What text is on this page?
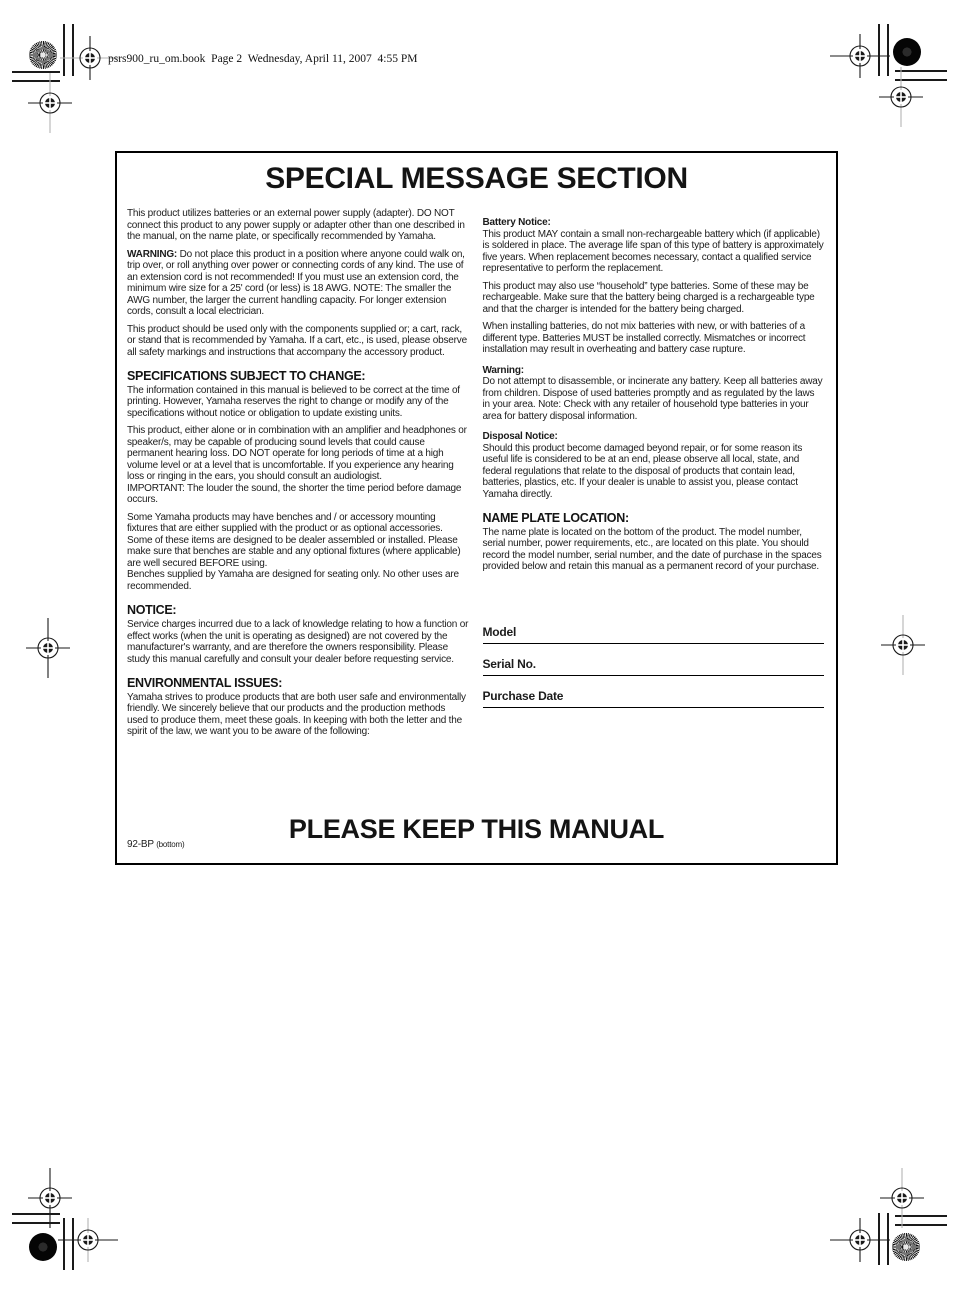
psrs900_ru_om.book  Page 2  Wednesday, April 11, 2007  4:55 PM
SPECIAL MESSAGE SECTION

This product utilizes batteries or an external power supply (adapter). DO NOT connect this product to any power supply or adapter other than one described in the manual, on the name plate, or specifically recommended by Yamaha.

WARNING: Do not place this product in a position where anyone could walk on, trip over, or roll anything over power or connecting cords of any kind. The use of an extension cord is not recommended! If you must use an extension cord, the minimum wire size for a 25' cord (or less) is 18 AWG. NOTE: The smaller the AWG number, the larger the current handling capacity. For longer extension cords, consult a local electrician.

This product should be used only with the components supplied or; a cart, rack, or stand that is recommended by Yamaha. If a cart, etc., is used, please observe all safety markings and instructions that accompany the accessory product.

SPECIFICATIONS SUBJECT TO CHANGE:

The information contained in this manual is believed to be correct at the time of printing. However, Yamaha reserves the right to change or modify any of the specifications without notice or obligation to update existing units.

This product, either alone or in combination with an amplifier and headphones or speaker/s, may be capable of producing sound levels that could cause permanent hearing loss. DO NOT operate for long periods of time at a high volume level or at a level that is uncomfortable. If you experience any hearing loss or ringing in the ears, you should consult an audiologist.

IMPORTANT: The louder the sound, the shorter the time period before damage occurs.

Some Yamaha products may have benches and / or accessory mounting fixtures that are either supplied with the product or as optional accessories. Some of these items are designed to be dealer assembled or installed. Please make sure that benches are stable and any optional fixtures (where applicable) are well secured BEFORE using.

Benches supplied by Yamaha are designed for seating only. No other uses are recommended.

NOTICE:

Service charges incurred due to a lack of knowledge relating to how a function or effect works (when the unit is operating as designed) are not covered by the manufacturer's warranty, and are therefore the owners responsibility. Please study this manual carefully and consult your dealer before requesting service.

ENVIRONMENTAL ISSUES:

Yamaha strives to produce products that are both user safe and environmentally friendly. We sincerely believe that our products and the production methods used to produce them, meet these goals. In keeping with both the letter and the spirit of the law, we want you to be aware of the following:

Battery Notice:
This product MAY contain a small non-rechargeable battery which (if applicable) is soldered in place. The average life span of this type of battery is approximately five years. When replacement becomes necessary, contact a qualified service representative to perform the replacement.

This product may also use “household” type batteries. Some of these may be rechargeable. Make sure that the battery being charged is a rechargeable type and that the charger is intended for the battery being charged.

When installing batteries, do not mix batteries with new, or with batteries of a different type. Batteries MUST be installed correctly. Mismatches or incorrect installation may result in overheating and battery case rupture.

Warning:
Do not attempt to disassemble, or incinerate any battery. Keep all batteries away from children. Dispose of used batteries promptly and as regulated by the laws in your area. Note: Check with any retailer of household type batteries in your area for battery disposal information.

Disposal Notice:
Should this product become damaged beyond repair, or for some reason its useful life is considered to be at an end, please observe all local, state, and federal regulations that relate to the disposal of products that contain lead, batteries, plastics, etc. If your dealer is unable to assist you, please contact Yamaha directly.

NAME PLATE LOCATION:

The name plate is located on the bottom of the product. The model number, serial number, power requirements, etc., are located on this plate. You should record the model number, serial number, and the date of purchase in the spaces provided below and retain this manual as a permanent record of your purchase.

Model
Serial No.
Purchase Date
92-BP (bottom)
PLEASE KEEP THIS MANUAL
